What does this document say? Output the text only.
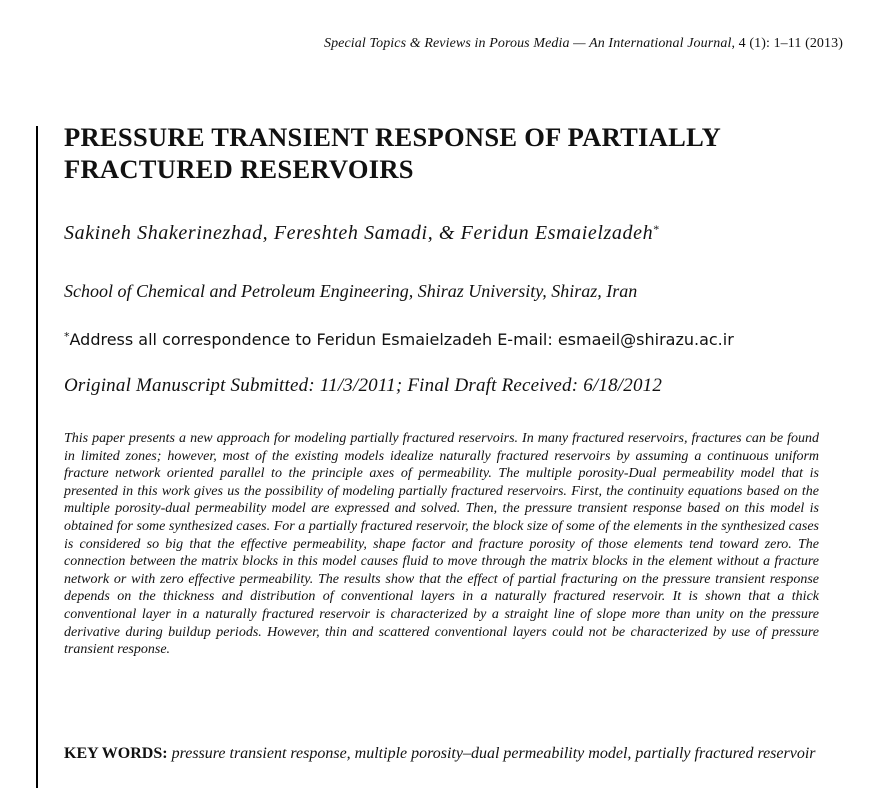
Special Topics & Reviews in Porous Media — An International Journal, 4 (1): 1–11 (2013)
PRESSURE TRANSIENT RESPONSE OF PARTIALLY FRACTURED RESERVOIRS

Sakineh Shakerinezhad, Fereshteh Samadi, & Feridun Esmaielzadeh*

School of Chemical and Petroleum Engineering, Shiraz University, Shiraz, Iran

*Address all correspondence to Feridun Esmaielzadeh E-mail: esmaeil@shirazu.ac.ir

Original Manuscript Submitted: 11/3/2011; Final Draft Received: 6/18/2012

This paper presents a new approach for modeling partially fractured reservoirs. In many fractured reservoirs, fractures can be found in limited zones; however, most of the existing models idealize naturally fractured reservoirs by assuming a continuous uniform fracture network oriented parallel to the principle axes of permeability. The multiple porosity-Dual permeability model that is presented in this work gives us the possibility of modeling partially fractured reservoirs. First, the continuity equations based on the multiple porosity-dual permeability model are expressed and solved. Then, the pressure transient response based on this model is obtained for some synthesized cases. For a partially fractured reservoir, the block size of some of the elements in the synthesized cases is considered so big that the effective permeability, shape factor and fracture porosity of those elements tend toward zero. The connection between the matrix blocks in this model causes fluid to move through the matrix blocks in the element without a fracture network or with zero effective permeability. The results show that the effect of partial fracturing on the pressure transient response depends on the thickness and distribution of conventional layers in a naturally fractured reservoir. It is shown that a thick conventional layer in a naturally fractured reservoir is characterized by a straight line of slope more than unity on the pressure derivative during buildup periods. However, thin and scattered conventional layers could not be characterized by use of pressure transient response.

KEY WORDS: pressure transient response, multiple porosity–dual permeability model, partially fractured reservoir
